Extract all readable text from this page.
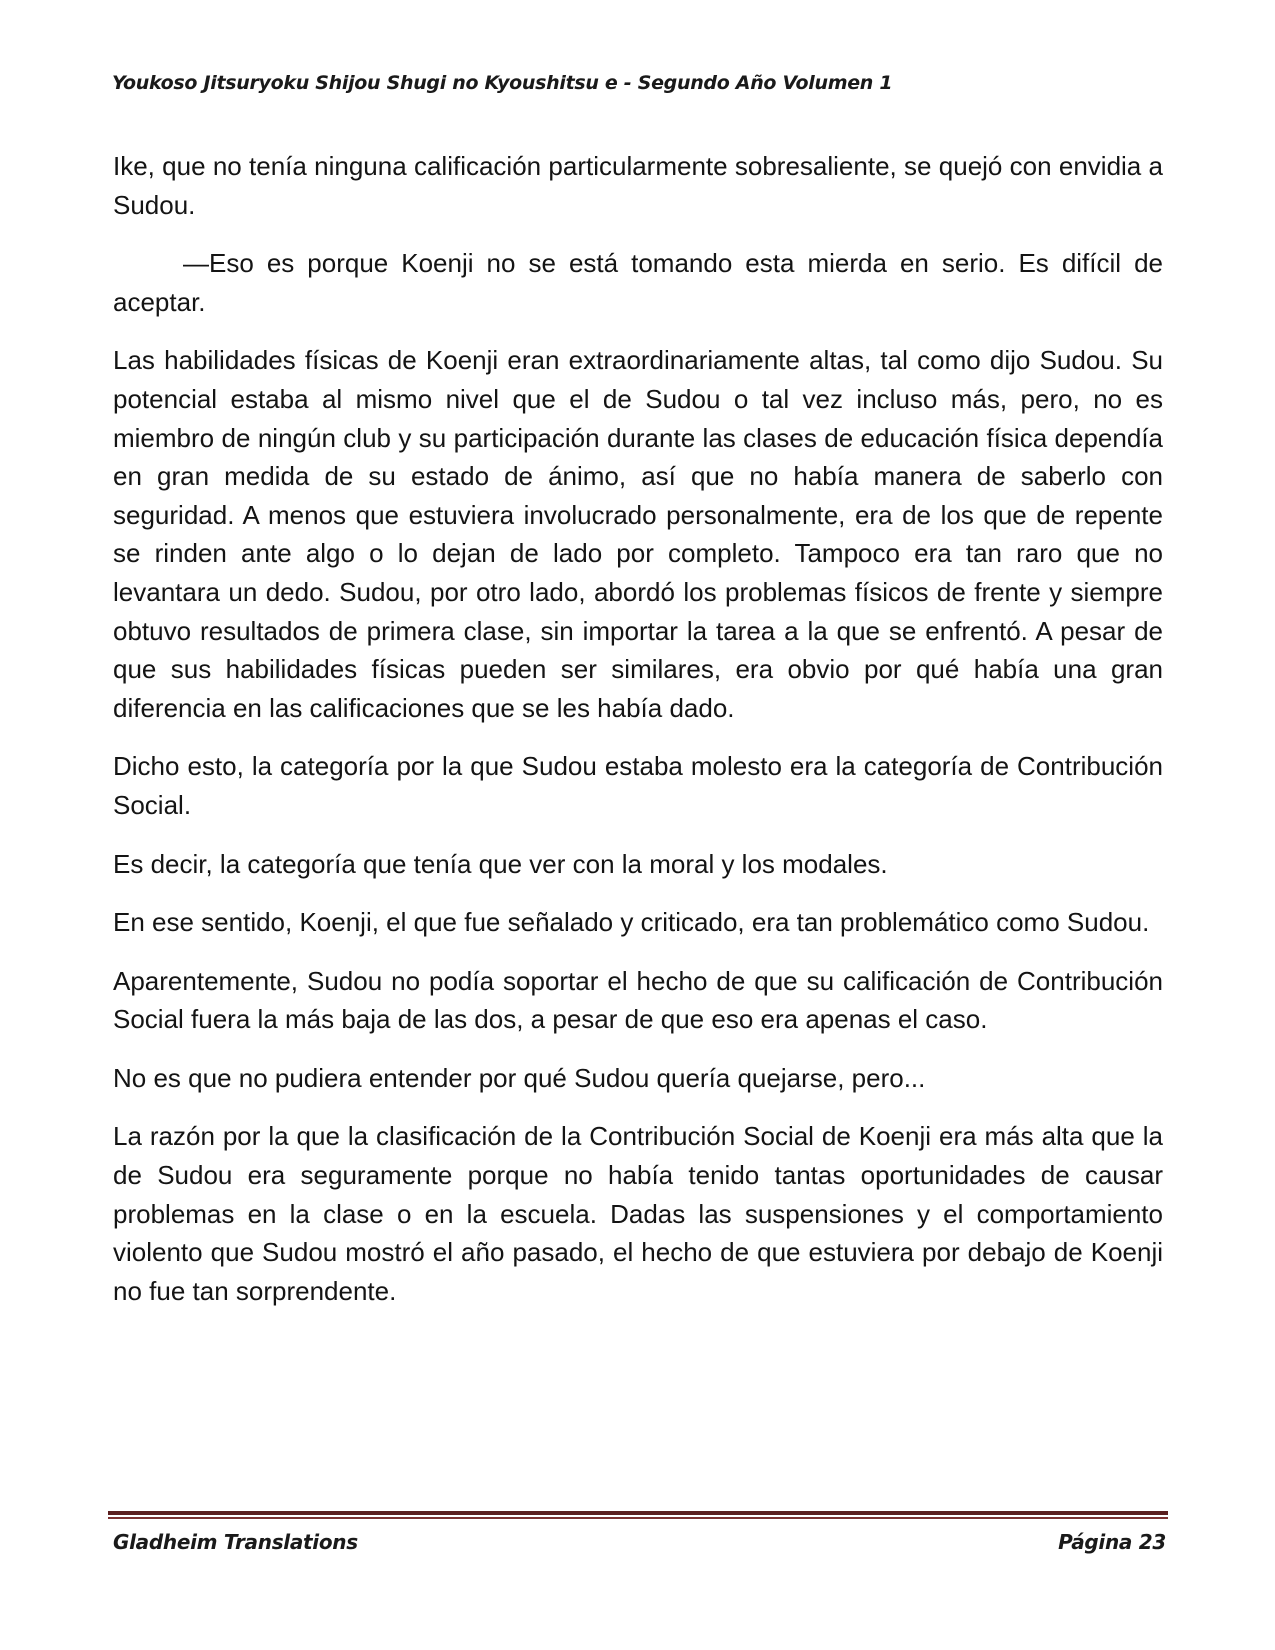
Youkoso Jitsuryoku Shijou Shugi no Kyoushitsu e - Segundo Año Volumen 1

Ike, que no tenía ninguna calificación particularmente sobresaliente, se quejó con envidia a Sudou.

—Eso es porque Koenji no se está tomando esta mierda en serio. Es difícil de aceptar.

Las habilidades físicas de Koenji eran extraordinariamente altas, tal como dijo Sudou. Su potencial estaba al mismo nivel que el de Sudou o tal vez incluso más, pero, no es miembro de ningún club y su participación durante las clases de educación física dependía en gran medida de su estado de ánimo, así que no había manera de saberlo con seguridad. A menos que estuviera involucrado personalmente, era de los que de repente se rinden ante algo o lo dejan de lado por completo. Tampoco era tan raro que no levantara un dedo. Sudou, por otro lado, abordó los problemas físicos de frente y siempre obtuvo resultados de primera clase, sin importar la tarea a la que se enfrentó. A pesar de que sus habilidades físicas pueden ser similares, era obvio por qué había una gran diferencia en las calificaciones que se les había dado.

Dicho esto, la categoría por la que Sudou estaba molesto era la categoría de Contribución Social.

Es decir, la categoría que tenía que ver con la moral y los modales.

En ese sentido, Koenji, el que fue señalado y criticado, era tan problemático como Sudou.

Aparentemente, Sudou no podía soportar el hecho de que su calificación de Contribución Social fuera la más baja de las dos, a pesar de que eso era apenas el caso.

No es que no pudiera entender por qué Sudou quería quejarse, pero...

La razón por la que la clasificación de la Contribución Social de Koenji era más alta que la de Sudou era seguramente porque no había tenido tantas oportunidades de causar problemas en la clase o en la escuela. Dadas las suspensiones y el comportamiento violento que Sudou mostró el año pasado, el hecho de que estuviera por debajo de Koenji no fue tan sorprendente.

Gladheim Translations	Página 23
